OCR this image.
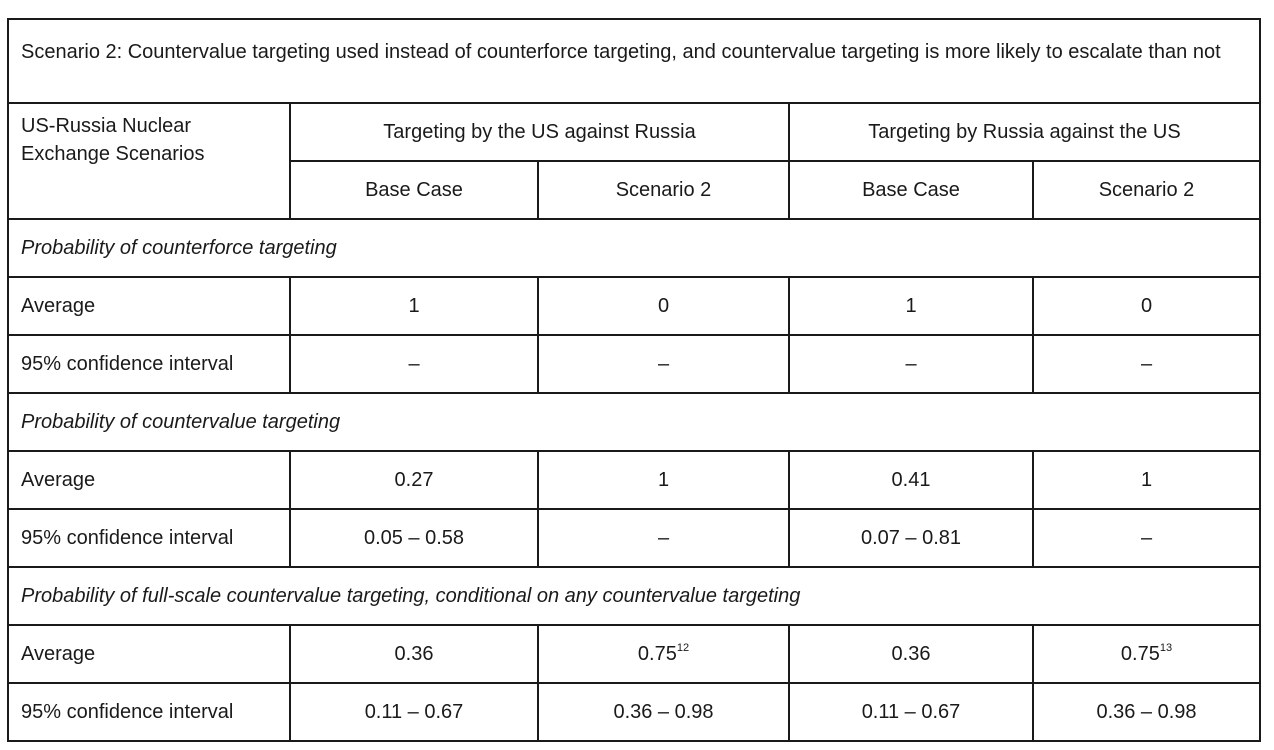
Scenario 2: Countervalue targeting used instead of counterforce targeting, and countervalue targeting is more likely to escalate than not				
US-Russia Nuclear Exchange Scenarios	Targeting by the US against Russia		Targeting by Russia against the US	
	Base Case	Scenario 2	Base Case	Scenario 2
Probability of counterforce targeting				
Average	1	0	1	0
95% confidence interval	–	–	–	–
Probability of countervalue targeting				
Average	0.27	1	0.41	1
95% confidence interval	0.05 – 0.58	–	0.07 – 0.81	–
Probability of full-scale countervalue targeting, conditional on any countervalue targeting				
Average	0.36	0.75$^{12}$	0.36	0.75$^{13}$
95% confidence interval	0.11 – 0.67	0.36 – 0.98	0.11 – 0.67	0.36 – 0.98
